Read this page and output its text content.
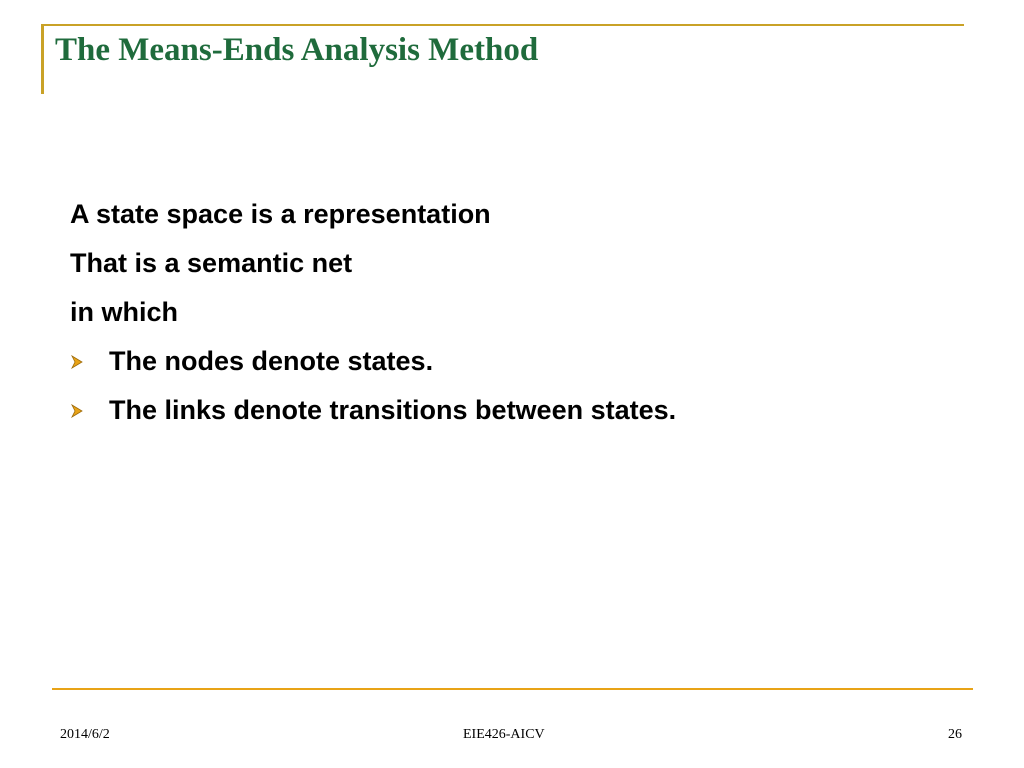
The Means-Ends Analysis Method
A state space is a representation
That is a semantic net
in which
The nodes denote states.
The links denote transitions between states.
2014/6/2	EIE426-AICV	26
